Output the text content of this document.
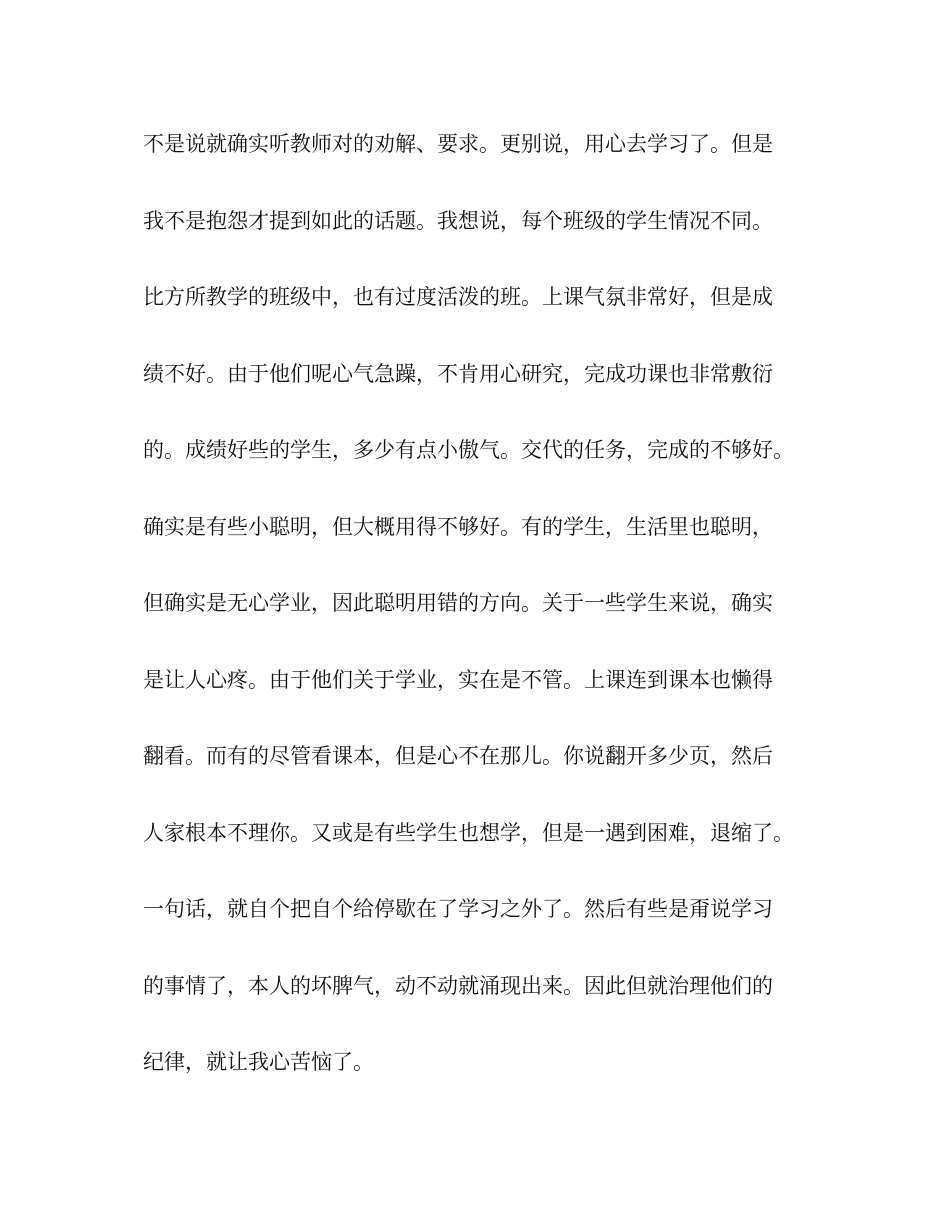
不是说就确实听教师对的劝解、要求。更别说，用心去学习了。但是

我不是抱怨才提到如此的话题。我想说，每个班级的学生情况不同。

比方所教学的班级中，也有过度活泼的班。上课气氛非常好，但是成

绩不好。由于他们呢心气急躁，不肯用心研究，完成功课也非常敷衍

的。成绩好些的学生，多少有点小傲气。交代的任务，完成的不够好。

确实是有些小聪明，但大概用得不够好。有的学生，生活里也聪明，

但确实是无心学业，因此聪明用错的方向。关于一些学生来说，确实

是让人心疼。由于他们关于学业，实在是不管。上课连到课本也懒得

翻看。而有的尽管看课本，但是心不在那儿。你说翻开多少页，然后

人家根本不理你。又或是有些学生也想学，但是一遇到困难，退缩了。

一句话，就自个把自个给停歇在了学习之外了。然后有些是甭说学习

的事情了，本人的坏脾气，动不动就涌现出来。因此但就治理他们的

纪律，就让我心苦恼了。
